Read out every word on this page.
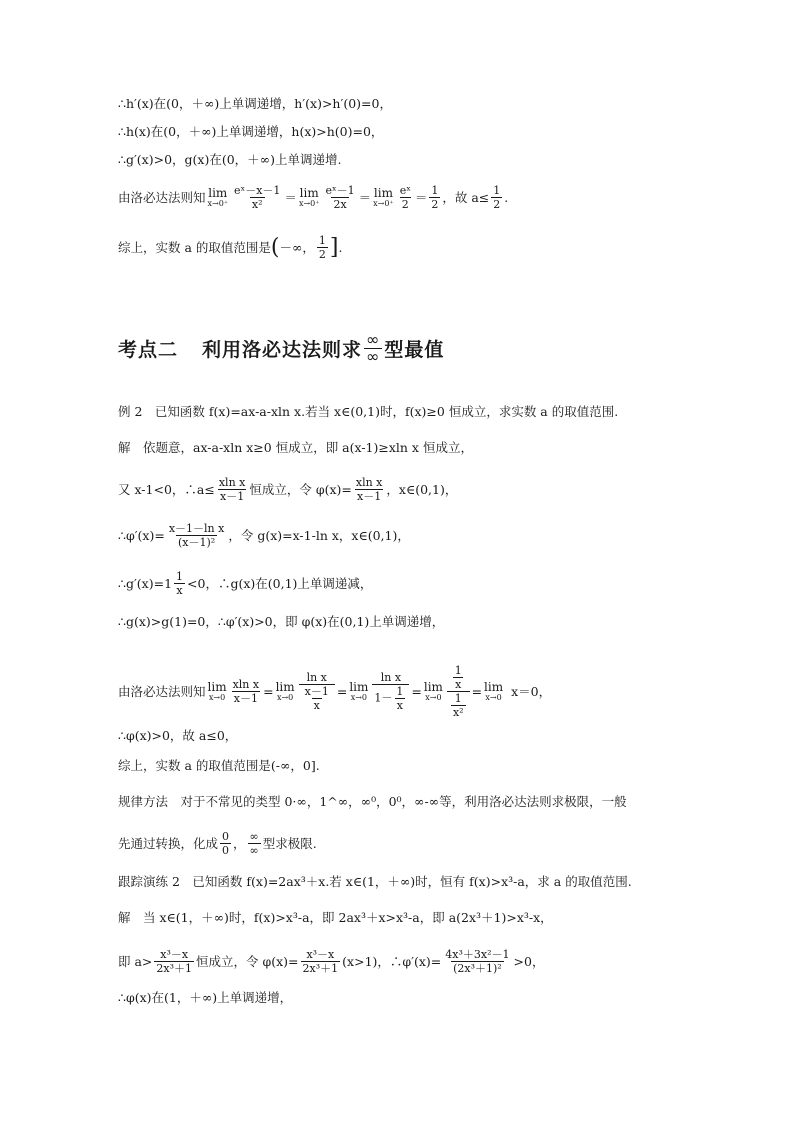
∴h′(x)在(0，＋∞)上单调递增，h′(x)>h′(0)=0，
∴h(x)在(0，＋∞)上单调递增，h(x)>h(0)=0，
∴g′(x)>0，g(x)在(0，＋∞)上单调递增.
由洛必达法则知 lim
$x\to 0^+ \frac{\text{eˣ－x－1}}{\text{x²}} = \lim$
$x\to 0^+ \frac{\text{eˣ－1}}{2x} = \lim$
$x\to 0^+ \frac{\text{eˣ}}{2} = \frac{1}{2}$ ，故 $a\le \frac{1}{2}$ .
综上，实数 a 的取值范围是 ( －∞， $\frac{1}{2}$ ] .
考点二 利用洛必达法则求 $\frac{\infty}{\infty}$ 型最值
例 2　已知函数 f(x)=ax-a-xln x.若当 x∈(0,1)时，f(x)≥0 恒成立，求实数 a 的取值范围.
解　依题意，ax-a-xln x≥0 恒成立，即 a(x-1)≥xln x 恒成立，
又 x-1<0，∴a≤ $\frac{\text{xln x}}{x-1}$ 恒成立，令 $\varphi(x)= \frac{\text{xln x}}{x-1}$ ，x∈(0,1)，
∴φ′(x)= $\frac{\text{x－1－ln x}}{\text{(x－1)²}}$ ，令 g(x)=x-1-ln x，x∈(0,1)，
∴g′(x)=1 $\frac{1}{x} <0$，∴g(x)在(0,1)上单调递减，
∴g(x)>g(1)=0，∴φ′(x)>0，即 φ(x)在(0,1)上单调递增，
由洛必达法则知 lim
$x\to 0 \frac{\text{xln x}}{x-1} = \lim$
$x\to 0 \frac{\text{ln x}}{\frac{x-1}{x}} = \lim$
$x\to 0 \frac{\text{ln x}}{1- \frac{1}{x}} = \lim$
$x\to 0 \frac{\frac{1}{x}}{\frac{1}{\text{x²}}} = \lim$
x→0 x＝0，
∴φ(x)>0，故 a≤0，
综上，实数 a 的取值范围是(-∞，0].
规律方法　对于不常见的类型 0·∞，1^∞，∞⁰，0⁰，∞-∞等，利用洛必达法则求极限，一般
先通过转换，化成 $\frac{0}{0}$ ， $\frac{\infty}{\infty}$ 型求极限.
跟踪演练 2　已知函数 f(x)=2ax³＋x.若 x∈(1，＋∞)时，恒有 f(x)>x³-a，求 a 的取值范围.
解　当 x∈(1，＋∞)时，f(x)>x³-a，即 2ax³＋x>x³-a，即 a(2x³＋1)>x³-x，
即 $a> \frac{\text{x³－x}}{\text{2x³＋1}}$ 恒成立，令 $\varphi(x)= \frac{\text{x³－x}}{\text{2x³＋1}} (x>1)$，∴φ′(x)= $\frac{\text{4x³＋3x²－1}}{\text{(2x³＋1)²}} >0$，
∴φ(x)在(1，＋∞)上单调递增，
